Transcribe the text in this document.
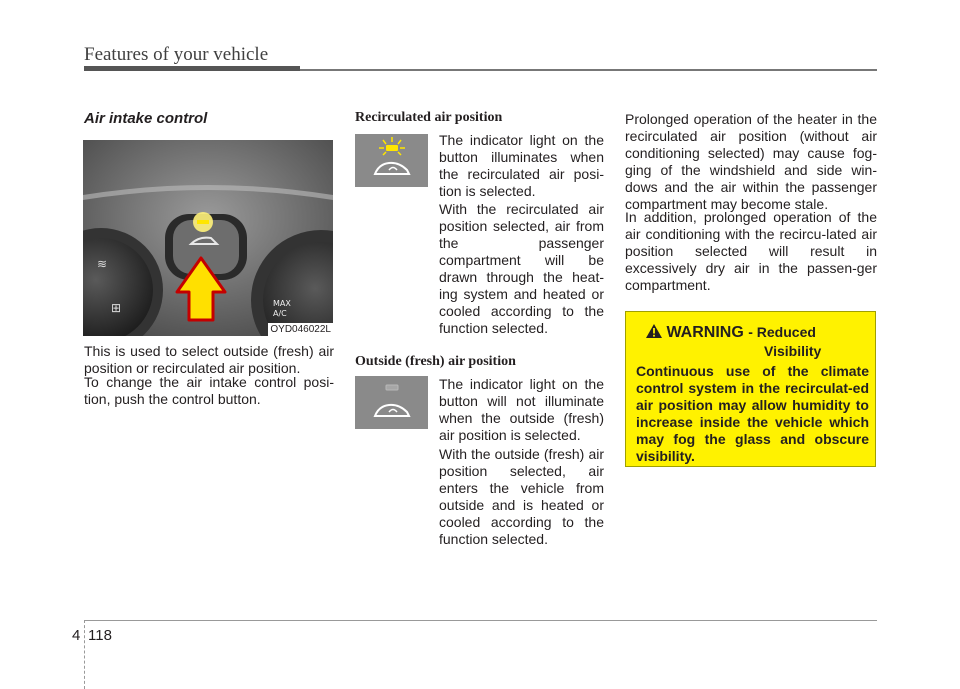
Features of your vehicle
Air intake control
≋
⊞	MAX
A/C
OYD046022L

This is used to select outside (fresh) air position or recirculated air position.

To change the air intake control posi-tion, push the control button.

Recirculated air position

The indicator light on the button illuminates when the recirculated air posi-tion is selected.

With the recirculated air position selected, air from the passenger compartment will be drawn through the heat-ing system and heated or cooled according to the function selected.

Outside (fresh) air position

The indicator light on the button will not illuminate when the outside (fresh) air position is selected.

With the outside (fresh) air position selected, air enters the vehicle from outside and is heated or cooled according to the function selected.

Prolonged operation of the heater in the recirculated air position (without air conditioning selected) may cause fog-ging of the windshield and side win-dows and the air within the passenger compartment may become stale.

In addition, prolonged operation of the air conditioning with the recircu-lated air position selected will result in excessively dry air in the passen-ger compartment.

WARNING - Reduced
Visibility

Continuous use of the climate control system in the recirculat-ed air position may allow humidity to increase inside the vehicle which may fog the glass and obscure visibility.

4 118
